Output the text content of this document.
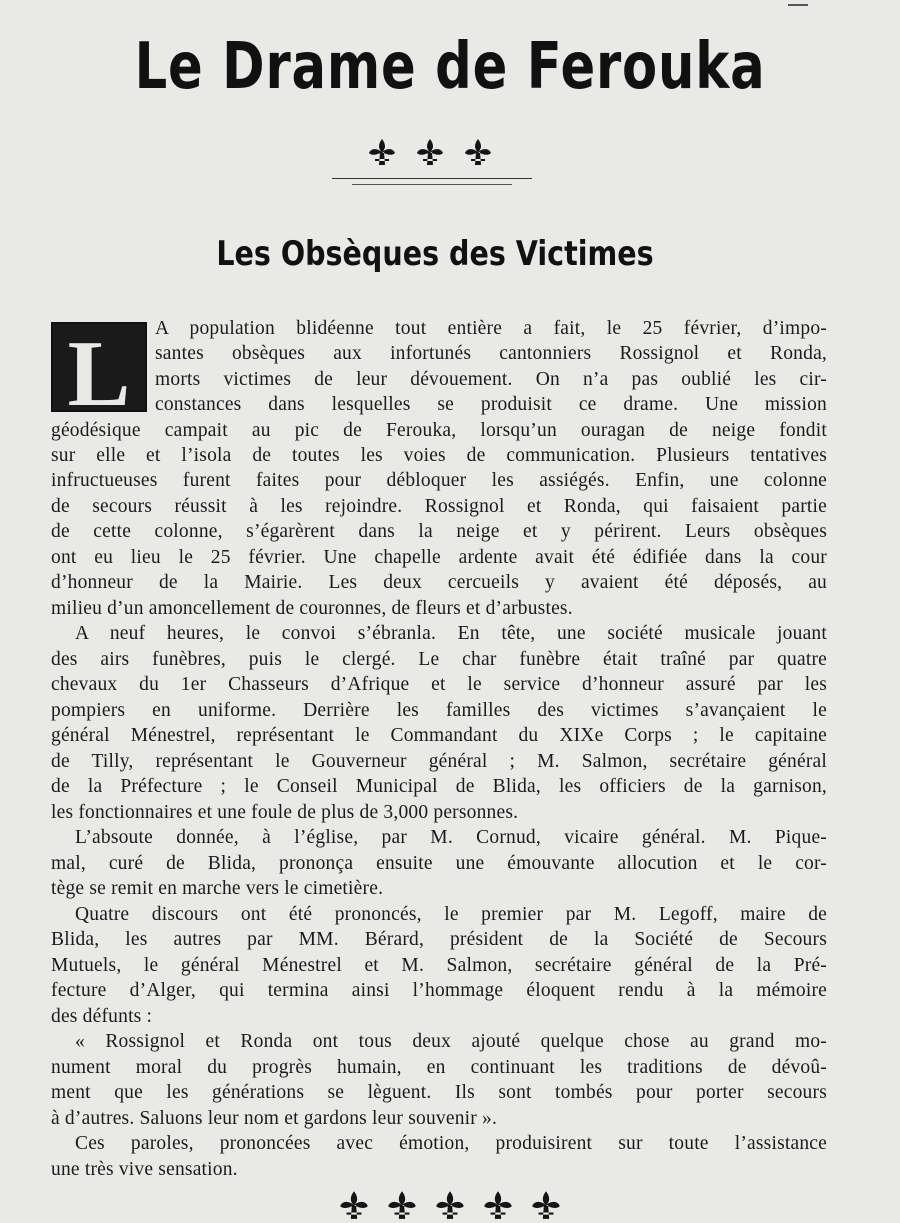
Le Drame de Ferouka
Les Obsèques des Victimes
L	A population blidéenne tout entière a fait, le 25 février, d’impo-
santes obsèques aux infortunés cantonniers Rossignol et Ronda,
morts victimes de leur dévouement. On n’a pas oublié les cir-
constances dans lesquelles se produisit ce drame. Une mission
géodésique campait au pic de Ferouka, lorsqu’un ouragan de neige fondit
sur elle et l’isola de toutes les voies de communication. Plusieurs tentatives
infructueuses furent faites pour débloquer les assiégés. Enfin, une colonne
de secours réussit à les rejoindre. Rossignol et Ronda, qui faisaient partie
de cette colonne, s’égarèrent dans la neige et y périrent. Leurs obsèques
ont eu lieu le 25 février. Une chapelle ardente avait été édifiée dans la cour
d’honneur de la Mairie. Les deux cercueils y avaient été déposés, au
milieu d’un amoncellement de couronnes, de fleurs et d’arbustes.
A neuf heures, le convoi s’ébranla. En tête, une société musicale jouant
des airs funèbres, puis le clergé. Le char funèbre était traîné par quatre
chevaux du 1er Chasseurs d’Afrique et le service d’honneur assuré par les
pompiers en uniforme. Derrière les familles des victimes s’avançaient le
général Ménestrel, représentant le Commandant du XIXe Corps ; le capitaine
de Tilly, représentant le Gouverneur général ; M. Salmon, secrétaire général
de la Préfecture ; le Conseil Municipal de Blida, les officiers de la garnison,
les fonctionnaires et une foule de plus de 3,000 personnes.
L’absoute donnée, à l’église, par M. Cornud, vicaire général. M. Pique-
mal, curé de Blida, prononça ensuite une émouvante allocution et le cor-
tège se remit en marche vers le cimetière.
Quatre discours ont été prononcés, le premier par M. Legoff, maire de
Blida, les autres par MM. Bérard, président de la Société de Secours
Mutuels, le général Ménestrel et M. Salmon, secrétaire général de la Pré-
fecture d’Alger, qui termina ainsi l’hommage éloquent rendu à la mémoire
des défunts :
« Rossignol et Ronda ont tous deux ajouté quelque chose au grand mo-
nument moral du progrès humain, en continuant les traditions de dévoû-
ment que les générations se lèguent. Ils sont tombés pour porter secours
à d’autres. Saluons leur nom et gardons leur souvenir ».
Ces paroles, prononcées avec émotion, produisirent sur toute l’assistance
une très vive sensation.
